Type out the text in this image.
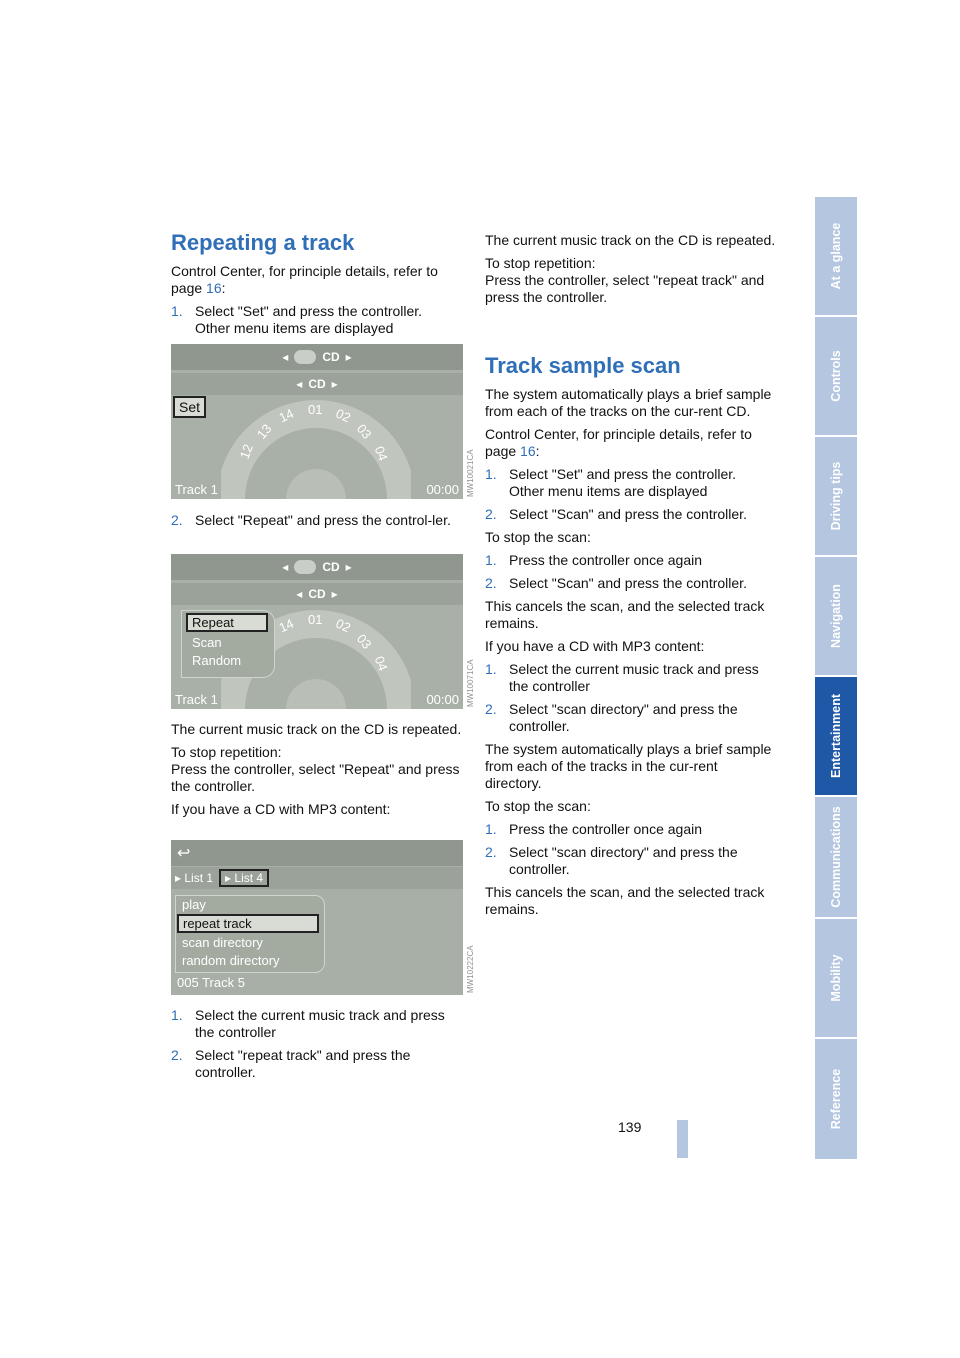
At a glance
Controls
Driving tips
Navigation
Entertainment
Communications
Mobility
Reference
139
Repeating a track

Control Center, for principle details, refer to page 16:

1. Select "Set" and press the controller.
Other menu items are displayed
◂	CD ▸
◂ CD ▸
Set
12
13
14 01 02
03
04
Track 1	00:00 MW10021CA
2. Select "Repeat" and press the control-ler.
◂	CD ▸
◂ CD ▸
14 01 02
03
04
Repeat
Scan
Random
Track 1	00:00 MW10071CA

The current music track on the CD is repeated.

To stop repetition:
Press the controller, select "Repeat" and press the controller.

If you have a CD with MP3 content:

↩
▸ List 1	▸ List 4
play
repeat track
scan directory
random directory
005 Track 5	MW10222CA
1. Select the current music track and press the controller
2. Select "repeat track" and press the controller.

The current music track on the CD is repeated.

To stop repetition:
Press the controller, select "repeat track" and press the controller.

Track sample scan

The system automatically plays a brief sample from each of the tracks on the cur-rent CD.

Control Center, for principle details, refer to page 16:

1. Select "Set" and press the controller.
Other menu items are displayed
2. Select "Scan" and press the controller.

To stop the scan:

1. Press the controller once again
2. Select "Scan" and press the controller.

This cancels the scan, and the selected track remains.

If you have a CD with MP3 content:

1. Select the current music track and press the controller
2. Select "scan directory" and press the controller.

The system automatically plays a brief sample from each of the tracks in the cur-rent directory.

To stop the scan:

1. Press the controller once again
2. Select "scan directory" and press the controller.

This cancels the scan, and the selected track remains.
